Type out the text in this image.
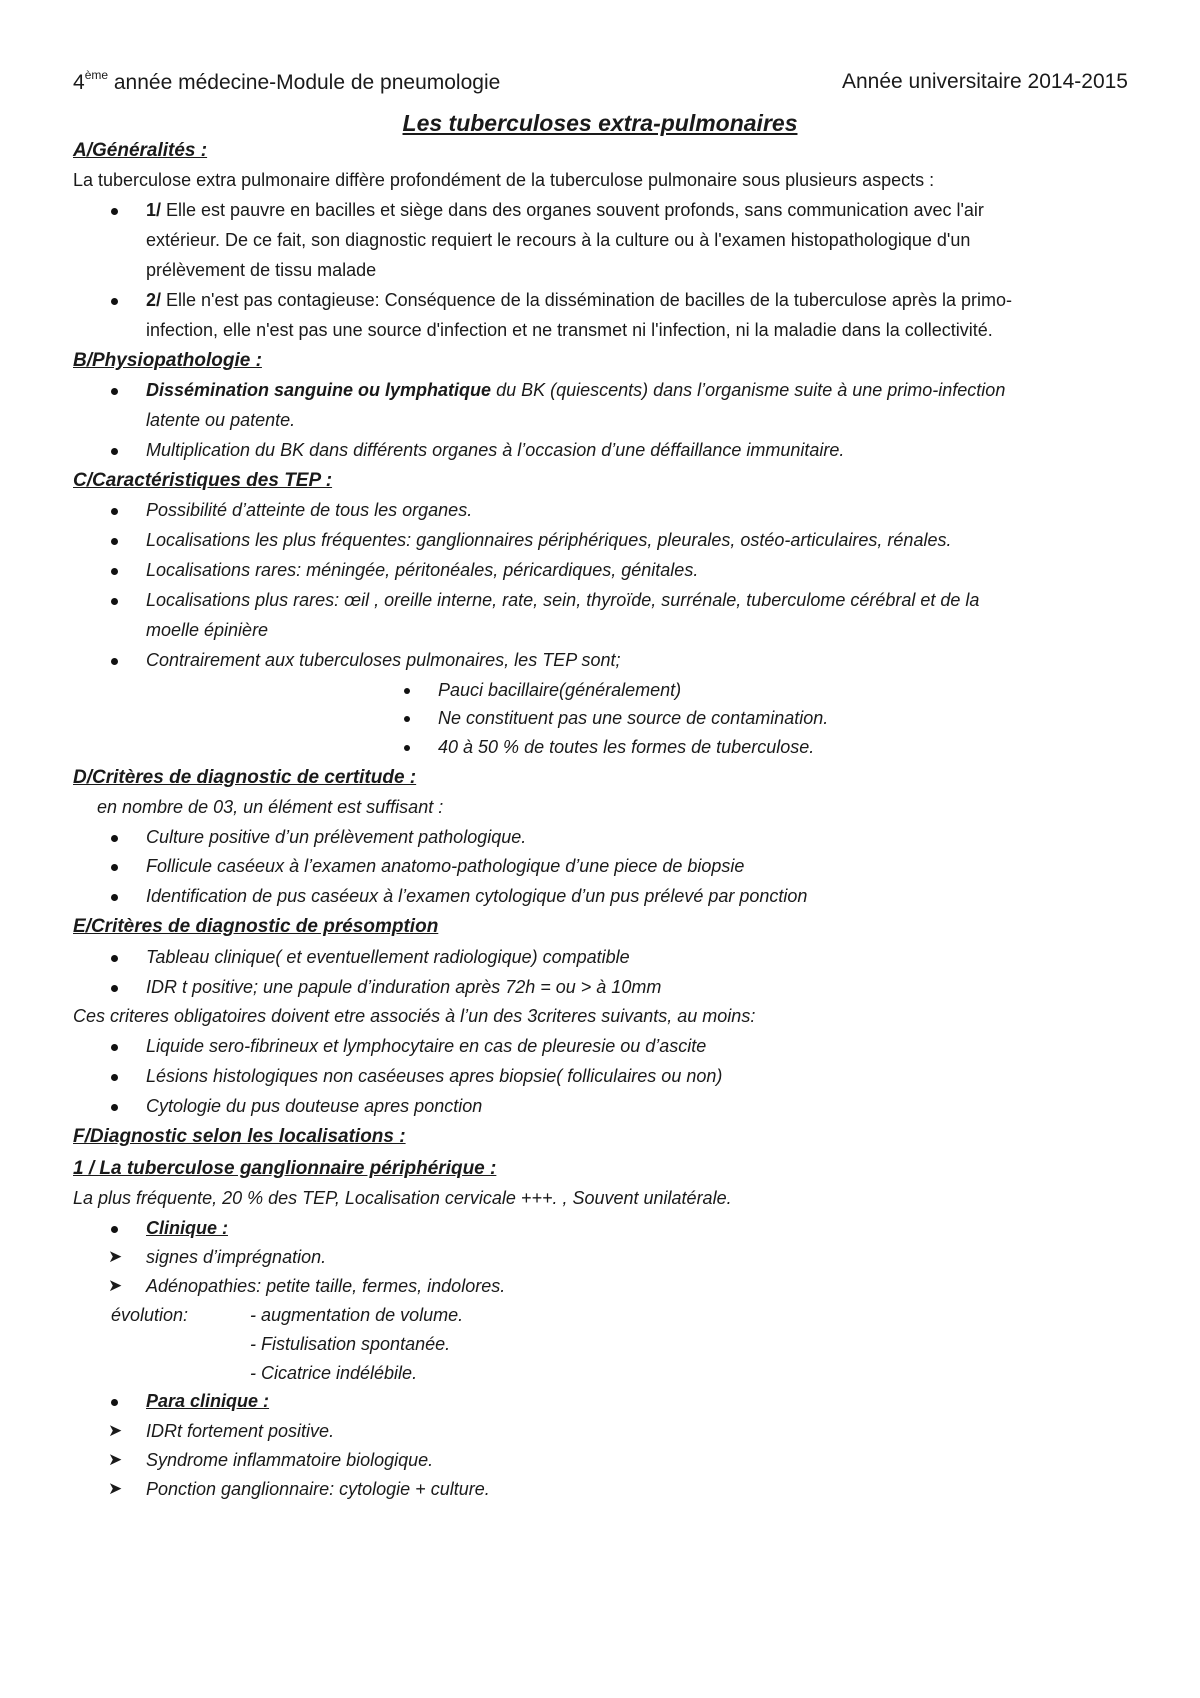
4ème année médecine-Module de pneumologie	Année universitaire 2014-2015
Les tuberculoses extra-pulmonaires
A/Généralités :
La tuberculose extra pulmonaire diffère profondément de la tuberculose pulmonaire sous plusieurs aspects :
1/ Elle est pauvre en bacilles et siège dans des organes souvent profonds, sans communication avec l'air
extérieur. De ce fait, son diagnostic requiert le recours à la culture ou à l'examen histopathologique d'un
prélèvement de tissu malade
2/ Elle n'est pas contagieuse: Conséquence de la dissémination de bacilles de la tuberculose après la primo-
infection, elle n'est pas une source d'infection et ne transmet ni l'infection, ni la maladie dans la collectivité.
B/Physiopathologie :
Dissémination sanguine ou lymphatique du BK (quiescents) dans l’organisme suite à une primo-infection
latente ou patente.
Multiplication du BK dans différents organes à l’occasion d’une déffaillance immunitaire.
C/Caractéristiques des TEP :
Possibilité d’atteinte de tous les organes.
Localisations les plus fréquentes: ganglionnaires périphériques, pleurales, ostéo-articulaires, rénales.
Localisations rares: méningée, péritonéales, péricardiques, génitales.
Localisations plus rares: œil , oreille interne, rate, sein, thyroïde, surrénale, tuberculome cérébral et de la
moelle épinière
Contrairement aux tuberculoses pulmonaires, les TEP sont;
Pauci bacillaire(généralement)
Ne constituent pas une source de contamination.
40 à 50 % de toutes les formes de tuberculose.
D/Critères de diagnostic de certitude :
en nombre de 03, un élément est suffisant :
Culture positive d’un prélèvement pathologique.
Follicule caséeux à l’examen anatomo-pathologique d’une piece de biopsie
Identification de pus caséeux à l’examen cytologique d’un pus prélevé par ponction
E/Critères de diagnostic de présomption
Tableau clinique( et eventuellement radiologique) compatible
IDR t positive; une papule d’induration après 72h = ou > à 10mm
Ces criteres obligatoires doivent etre associés à l’un des 3criteres suivants, au moins:
Liquide sero-fibrineux et lymphocytaire en cas de pleuresie ou d’ascite
Lésions histologiques non caséeuses apres biopsie( folliculaires ou non)
Cytologie du pus douteuse apres ponction
F/Diagnostic selon les localisations :
1 / La tuberculose ganglionnaire périphérique :
La plus fréquente, 20 % des TEP, Localisation cervicale +++. , Souvent unilatérale.
Clinique :
➤ signes d’imprégnation.
➤ Adénopathies: petite taille, fermes, indolores.
évolution:	- augmentation de volume.
- Fistulisation spontanée.
- Cicatrice indélébile.
Para clinique :
➤ IDRt fortement positive.
➤ Syndrome inflammatoire biologique.
➤ Ponction ganglionnaire: cytologie + culture.
